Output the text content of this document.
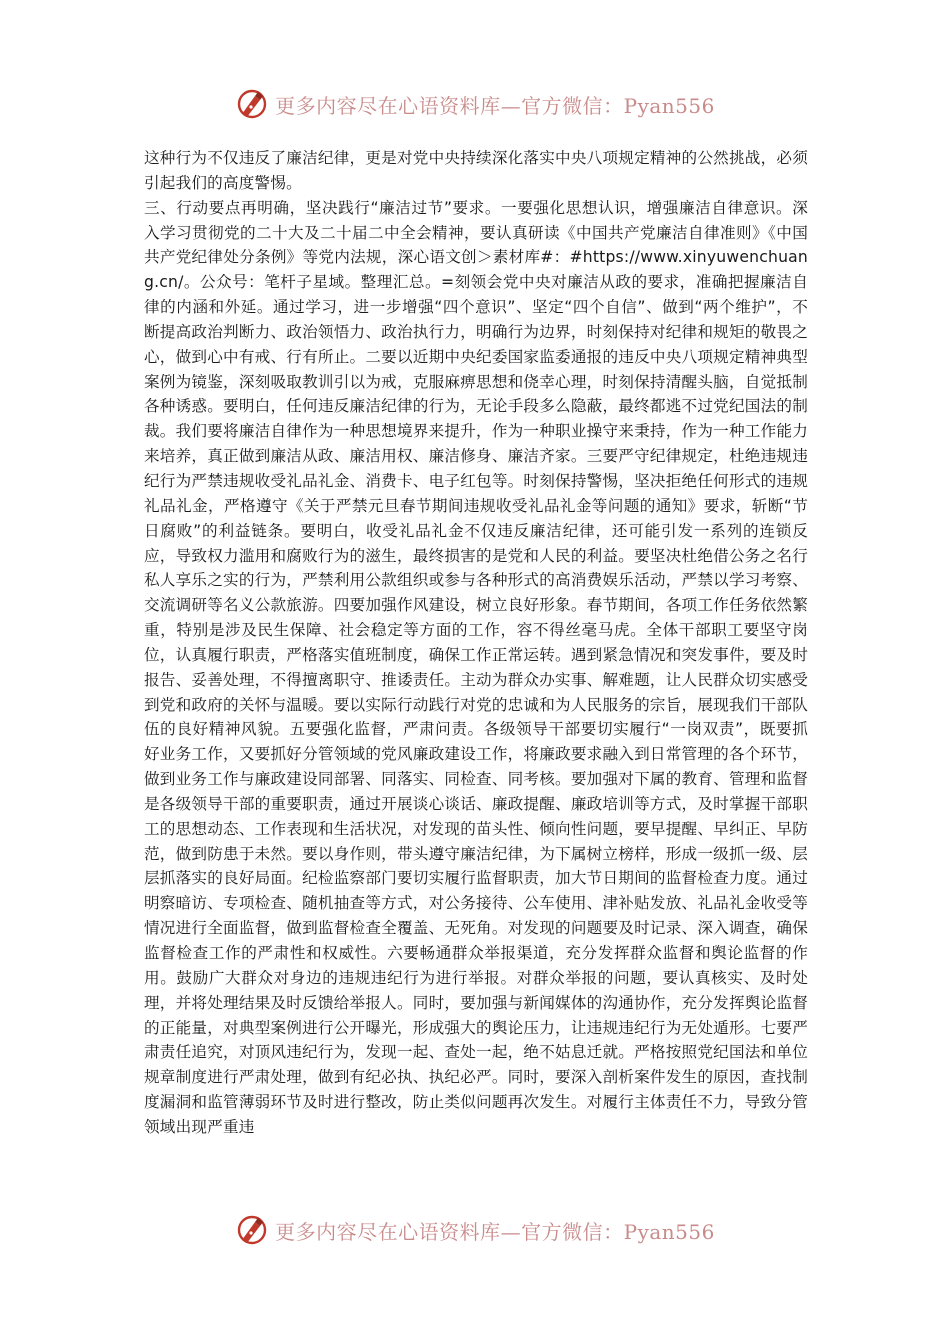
更多内容尽在心语资料库—官方微信：Pyan556

这种行为不仅违反了廉洁纪律，更是对党中央持续深化落实中央八项规定精神的公然挑战，必须引起我们的高度警惕。

三、行动要点再明确，坚决践行“廉洁过节”要求。一要强化思想认识，增强廉洁自律意识。深入学习贯彻党的二十大及二十届二中全会精神，要认真研读《中国共产党廉洁自律准则》《中国共产党纪律处分条例》等党内法规，深心语文创＞素材库#：#https://www.xinyuwenchuang.cn/。公众号：笔杆子星域。整理汇总。=刻领会党中央对廉洁从政的要求，准确把握廉洁自律的内涵和外延。通过学习，进一步增强“四个意识”、坚定“四个自信”、做到“两个维护”，不断提高政治判断力、政治领悟力、政治执行力，明确行为边界，时刻保持对纪律和规矩的敬畏之心，做到心中有戒、行有所止。二要以近期中央纪委国家监委通报的违反中央八项规定精神典型案例为镜鉴，深刻吸取教训引以为戒，克服麻痹思想和侥幸心理，时刻保持清醒头脑，自觉抵制各种诱惑。要明白，任何违反廉洁纪律的行为，无论手段多么隐蔽，最终都逃不过党纪国法的制裁。我们要将廉洁自律作为一种思想境界来提升，作为一种职业操守来秉持，作为一种工作能力来培养，真正做到廉洁从政、廉洁用权、廉洁修身、廉洁齐家。三要严守纪律规定，杜绝违规违纪行为严禁违规收受礼品礼金、消费卡、电子红包等。时刻保持警惕，坚决拒绝任何形式的违规礼品礼金，严格遵守《关于严禁元旦春节期间违规收受礼品礼金等问题的通知》要求，斩断“节日腐败”的利益链条。要明白，收受礼品礼金不仅违反廉洁纪律，还可能引发一系列的连锁反应，导致权力滥用和腐败行为的滋生，最终损害的是党和人民的利益。要坚决杜绝借公务之名行私人享乐之实的行为，严禁利用公款组织或参与各种形式的高消费娱乐活动，严禁以学习考察、交流调研等名义公款旅游。四要加强作风建设，树立良好形象。春节期间，各项工作任务依然繁重，特别是涉及民生保障、社会稳定等方面的工作，容不得丝毫马虎。全体干部职工要坚守岗位，认真履行职责，严格落实值班制度，确保工作正常运转。遇到紧急情况和突发事件，要及时报告、妥善处理，不得擅离职守、推诿责任。主动为群众办实事、解难题，让人民群众切实感受到党和政府的关怀与温暖。要以实际行动践行对党的忠诚和为人民服务的宗旨，展现我们干部队伍的良好精神风貌。五要强化监督，严肃问责。各级领导干部要切实履行“一岗双责”，既要抓好业务工作，又要抓好分管领域的党风廉政建设工作，将廉政要求融入到日常管理的各个环节，做到业务工作与廉政建设同部署、同落实、同检查、同考核。要加强对下属的教育、管理和监督是各级领导干部的重要职责，通过开展谈心谈话、廉政提醒、廉政培训等方式，及时掌握干部职工的思想动态、工作表现和生活状况，对发现的苗头性、倾向性问题，要早提醒、早纠正、早防范，做到防患于未然。要以身作则，带头遵守廉洁纪律，为下属树立榜样，形成一级抓一级、层层抓落实的良好局面。纪检监察部门要切实履行监督职责，加大节日期间的监督检查力度。通过明察暗访、专项检查、随机抽查等方式，对公务接待、公车使用、津补贴发放、礼品礼金收受等情况进行全面监督，做到监督检查全覆盖、无死角。对发现的问题要及时记录、深入调查，确保监督检查工作的严肃性和权威性。六要畅通群众举报渠道，充分发挥群众监督和舆论监督的作用。鼓励广大群众对身边的违规违纪行为进行举报。对群众举报的问题，要认真核实、及时处理，并将处理结果及时反馈给举报人。同时，要加强与新闻媒体的沟通协作，充分发挥舆论监督的正能量，对典型案例进行公开曝光，形成强大的舆论压力，让违规违纪行为无处遁形。七要严肃责任追究，对顶风违纪行为，发现一起、查处一起，绝不姑息迁就。严格按照党纪国法和单位规章制度进行严肃处理，做到有纪必执、执纪必严。同时，要深入剖析案件发生的原因，查找制度漏洞和监管薄弱环节及时进行整改，防止类似问题再次发生。对履行主体责任不力，导致分管领域出现严重违

更多内容尽在心语资料库—官方微信：Pyan556
